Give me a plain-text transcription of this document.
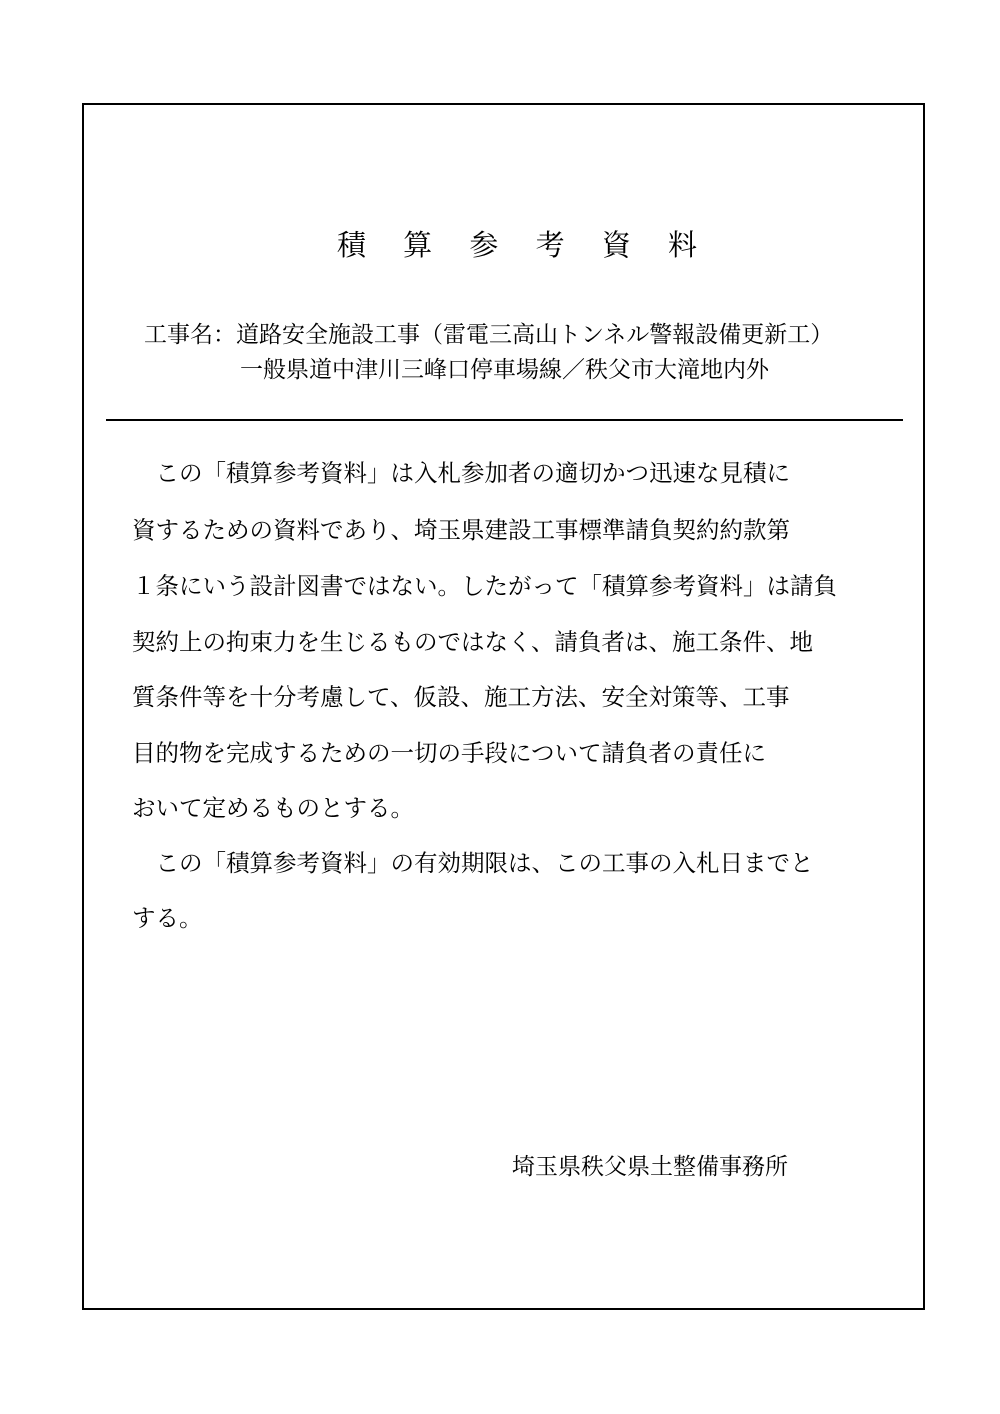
積 算 参 考 資 料
工事名： 道路安全施設工事（雷電三高山トンネル警報設備更新工）
一般県道中津川三峰口停車場線／秩父市大滝地内外
　この「積算参考資料」は入札参加者の適切かつ迅速な見積に
資するための資料であり、埼玉県建設工事標準請負契約約款第
１条にいう設計図書ではない。したがって「積算参考資料」は請負
契約上の拘束力を生じるものではなく、請負者は、施工条件、地
質条件等を十分考慮して、仮設、施工方法、安全対策等、工事
目的物を完成するための一切の手段について請負者の責任に
おいて定めるものとする。
　この「積算参考資料」の有効期限は、この工事の入札日までと
する。
埼玉県秩父県土整備事務所
